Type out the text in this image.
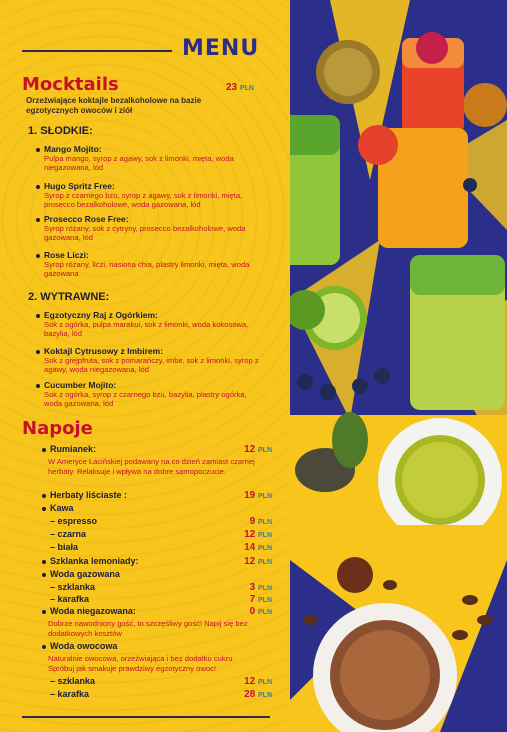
MENU
Mocktails	23 PLN
Orzeźwiające koktajle bezalkoholowe na bazie egzotycznych owoców i ziół
1. SŁODKIE:
Mango Mojito:
Pulpa mango, syrop z agawy, sok z limonki, mięta, woda niegazowana, lód
Hugo Spritz Free:
Syrop z czarnego bzu, syrop z agawy, sok z limonki, mięta, prosecco bezalkoholowe, woda gazowana, lód
Prosecco Rose Free:
Syrop różany, sok z cytryny, prosecco bezalkoholowe, woda gazowana, lód
Rose Liczi:
Syrop różany, liczi, nasiona chia, plastry limonki, mięta, woda gazowana
2. WYTRAWNE:
Egzotyczny Raj z Ogórkiem:
Sok z ogórka, pulpa marakui, sok z limonki, woda kokosowa, bazylia, lód
Koktajl Cytrusowy z Imbirem:
Sok z grejpfruta, sok z pomarańczy, imbir, sok z limonki, syrop z agawy, woda niegazowana, lód
Cucumber Mojito:
Sok z ogórka, syrop z czarnego bzu, bazylia, plastry ogórka, woda gazowana, lód
Napoje
Rumianek:	12 PLN
W Ameryce Łacińskiej podawany na co dzień zamiast czarnej herbaty. Relaksuje i wpływa na dobre samopoczucie.
Herbaty liściaste :	19 PLN
Kawa
– espresso	9 PLN
– czarna	12 PLN
– biała	14 PLN
Szklanka lemoniady:	12 PLN
Woda gazowana
– szklanka	3 PLN
– karafka	7 PLN
Woda niegazowana:	0 PLN
Dobrze nawodniony gość, to szczęśliwy gość! Napij się bez dodatkowych kosztów
Woda owocowa
Naturalnie owocowa, orzeźwiająca i bez dodatku cukru. Spróbuj jak smakuje prawdziwy egzotyczny owoc!
– szklanka	12 PLN
– karafka	28 PLN
